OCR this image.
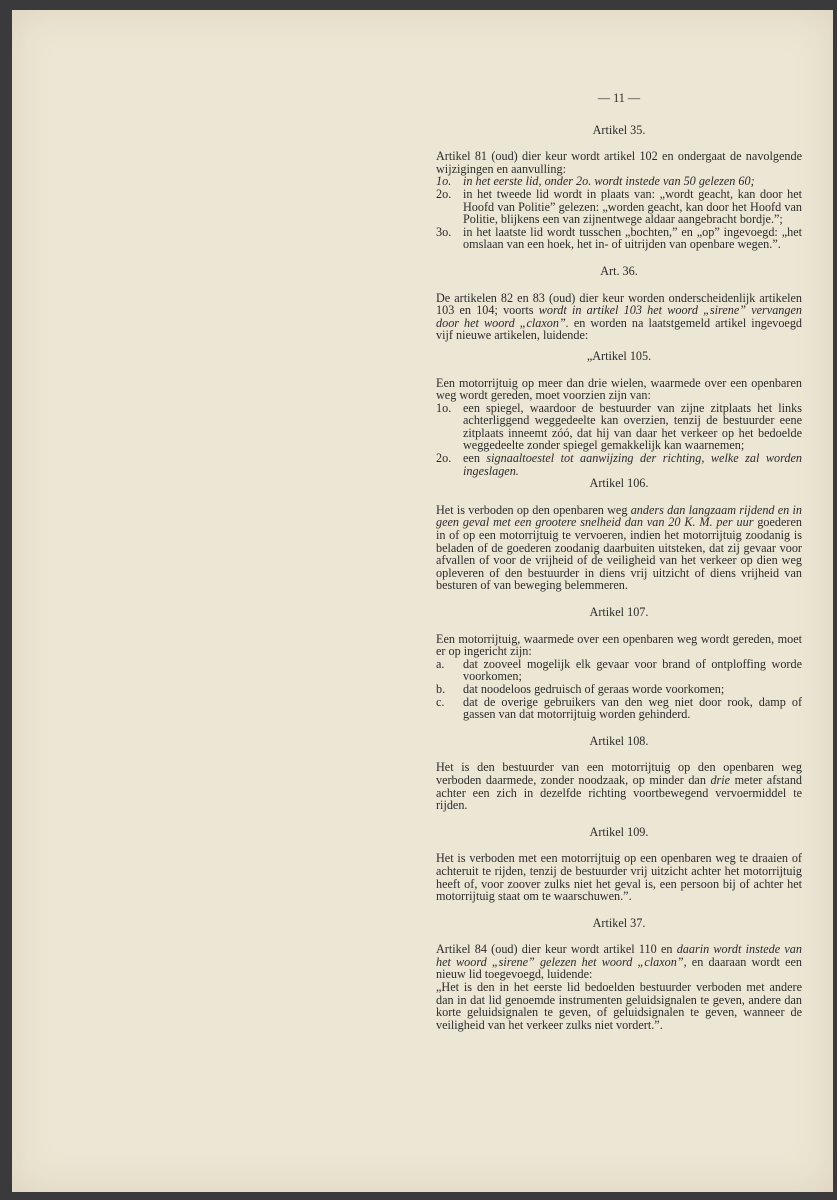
— 11 —

Artikel 35.

Artikel 81 (oud) dier keur wordt artikel 102 en ondergaat de navolgende wijzigingen en aanvulling:

1o. in het eerste lid, onder 2o. wordt instede van 50 gelezen 60;
2o. in het tweede lid wordt in plaats van: „wordt geacht, kan door het Hoofd van Politie” gelezen: „worden geacht, kan door het Hoofd van Politie, blijkens een van zijnentwege aldaar aangebracht bordje.”;
3o. in het laatste lid wordt tusschen „bochten,” en „op” ingevoegd: „het omslaan van een hoek, het in- of uitrijden van openbare wegen.”.

Art. 36.

De artikelen 82 en 83 (oud) dier keur worden onderscheidenlijk artikelen 103 en 104; voorts wordt in artikel 103 het woord „sirene” vervangen door het woord „claxon”. en worden na laatstgemeld artikel ingevoegd vijf nieuwe artikelen, luidende:

„Artikel 105.

Een motorrijtuig op meer dan drie wielen, waarmede over een openbaren weg wordt gereden, moet voorzien zijn van:

1o. een spiegel, waardoor de bestuurder van zijne zitplaats het links achterliggend weggedeelte kan overzien, tenzij de bestuurder eene zitplaats inneemt zóó, dat hij van daar het verkeer op het bedoelde weggedeelte zonder spiegel gemakkelijk kan waarnemen;
2o. een signaaltoestel tot aanwijzing der richting, welke zal worden ingeslagen.

Artikel 106.

Het is verboden op den openbaren weg anders dan langzaam rijdend en in geen geval met een grootere snelheid dan van 20 K. M. per uur goederen in of op een motorrijtuig te vervoeren, indien het motorrijtuig zoodanig is beladen of de goederen zoodanig daarbuiten uitsteken, dat zij gevaar voor afvallen of voor de vrijheid of de veiligheid van het verkeer op dien weg opleveren of den bestuurder in diens vrij uitzicht of diens vrijheid van besturen of van beweging belemmeren.

Artikel 107.

Een motorrijtuig, waarmede over een openbaren weg wordt gereden, moet er op ingericht zijn:

a.	dat zooveel mogelijk elk gevaar voor brand of ontploffing worde voorkomen;
b.	dat noodeloos gedruisch of geraas worde voorkomen;
c.	dat de overige gebruikers van den weg niet door rook, damp of gassen van dat motorrijtuig worden gehinderd.

Artikel 108.

Het is den bestuurder van een motorrijtuig op den openbaren weg verboden daarmede, zonder noodzaak, op minder dan drie meter afstand achter een zich in dezelfde richting voortbewegend vervoermiddel te rijden.

Artikel 109.

Het is verboden met een motorrijtuig op een openbaren weg te draaien of achteruit te rijden, tenzij de bestuurder vrij uitzicht achter het motorrijtuig heeft of, voor zoover zulks niet het geval is, een persoon bij of achter het motorrijtuig staat om te waarschuwen.”.

Artikel 37.

Artikel 84 (oud) dier keur wordt artikel 110 en daarin wordt instede van het woord „sirene” gelezen het woord „claxon”, en daaraan wordt een nieuw lid toegevoegd, luidende:

„Het is den in het eerste lid bedoelden bestuurder verboden met andere dan in dat lid genoemde instrumenten geluidsignalen te geven, andere dan korte geluidsignalen te geven, of geluidsignalen te geven, wanneer de veiligheid van het verkeer zulks niet vordert.”.
